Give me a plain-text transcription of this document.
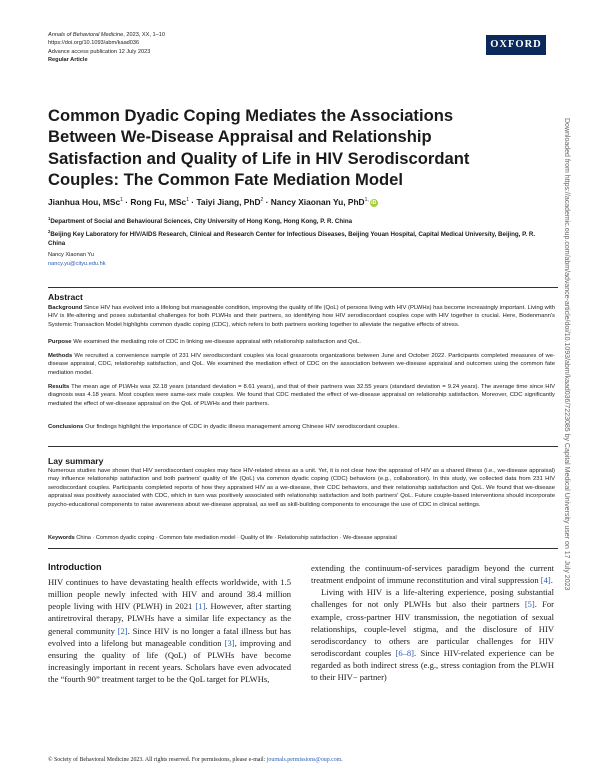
Annals of Behavioral Medicine, 2023, XX, 1–10
https://doi.org/10.1093/abm/kaad036
Advance access publication 12 July 2023
Regular Article
OXFORD
Common Dyadic Coping Mediates the Associations Between We-Disease Appraisal and Relationship Satisfaction and Quality of Life in HIV Serodiscordant Couples: The Common Fate Mediation Model
Jianhua Hou, MSc$^1$ · Rong Fu, MSc$^1$ · Taiyi Jiang, PhD$^2$ · Nancy Xiaonan Yu, PhD$^{1,}$ iD
$^1$Department of Social and Behavioural Sciences, City University of Hong Kong, Hong Kong, P. R. China
$^2$Beijing Key Laboratory for HIV/AIDS Research, Clinical and Research Center for Infectious Diseases, Beijing Youan Hospital, Capital Medical University, Beijing, P. R. China
Nancy Xiaonan Yu
nancy.yu@cityu.edu.hk
Abstract
Background Since HIV has evolved into a lifelong but manageable condition, improving the quality of life (QoL) of persons living with HIV (PLWHs) has become increasingly important. Living with HIV is life-altering and poses substantial challenges for both PLWHs and their partners, so identifying how HIV serodiscordant couples cope with HIV together is crucial. Here, Bodenmann's Systemic Transaction Model highlights common dyadic coping (CDC), which refers to both partners working together to alleviate the negative effects of stress.
Purpose We examined the mediating role of CDC in linking we-disease appraisal with relationship satisfaction and QoL.
Methods We recruited a convenience sample of 231 HIV serodiscordant couples via local grassroots organizations between June and October 2022. Participants completed measures of we-disease appraisal, CDC, relationship satisfaction, and QoL. We examined the mediation effect of CDC on the association between we-disease appraisal and outcomes using the common fate mediation model.
Results The mean age of PLWHs was 32.18 years (standard deviation = 8.61 years), and that of their partners was 32.55 years (standard deviation = 9.24 years). The average time since HIV diagnosis was 4.18 years. Most couples were same-sex male couples. We found that CDC mediated the effect of we-disease appraisal on relationship satisfaction. Moreover, CDC significantly mediated the effect of we-disease appraisal on the QoL of PLWHs and their partners.
Conclusions Our findings highlight the importance of CDC in dyadic illness management among Chinese HIV serodiscordant couples.
Lay summary
Numerous studies have shown that HIV serodiscordant couples may face HIV-related stress as a unit. Yet, it is not clear how the appraisal of HIV as a shared illness (i.e., we-disease appraisal) may influence relationship satisfaction and both partners' quality of life (QoL) via common dyadic coping (CDC) behaviors (e.g., collaboration). In this study, we collected data from 231 HIV serodiscordant couples. Participants completed reports of how they appraised HIV as a we-disease, their CDC behaviors, and their relationship satisfaction and QoL. We found that we-disease appraisal was positively associated with CDC, which in turn was positively associated with relationship satisfaction and both partners' QoL. Future couple-based interventions should incorporate psycho-educational components to raise awareness about we-disease appraisal, as well as skill-building components to encourage the use of CDC in clinical settings.
Keywords China · Common dyadic coping · Common fate mediation model · Quality of life · Relationship satisfaction · We-disease appraisal
Introduction

HIV continues to have devastating health effects worldwide, with 1.5 million people newly infected with HIV and around 38.4 million people living with HIV (PLWH) in 2021 [1]. However, after starting antiretroviral therapy, PLWHs have a similar life expectancy as the general community [2]. Since HIV is no longer a fatal illness but has evolved into a lifelong but manageable condition [3], improving and ensuring the quality of life (QoL) of PLWHs have become increasingly important in recent years. Scholars have even advocated the “fourth 90” treatment target to be the QoL target for PLWHs,

extending the continuum-of-services paradigm beyond the current treatment endpoint of immune reconstitution and viral suppression [4].

Living with HIV is a life-altering experience, posing substantial challenges for not only PLWHs but also their partners [5]. For example, cross-partner HIV transmission, the negotiation of sexual relationships, couple-level stigma, and the disclosure of HIV serodiscordancy to others are particular challenges for HIV serodiscordant couples [6–8]. Since HIV-related experience can be regarded as both indirect stress (e.g., stress contagion from the PLWH to their HIV− partner)

© Society of Behavioral Medicine 2023. All rights reserved. For permissions, please e-mail: journals.permissions@oup.com.
Downloaded from https://academic.oup.com/abm/advance-article/doi/10.1093/abm/kaad036/7223085 by Capital Medical University user on 17 July 2023
